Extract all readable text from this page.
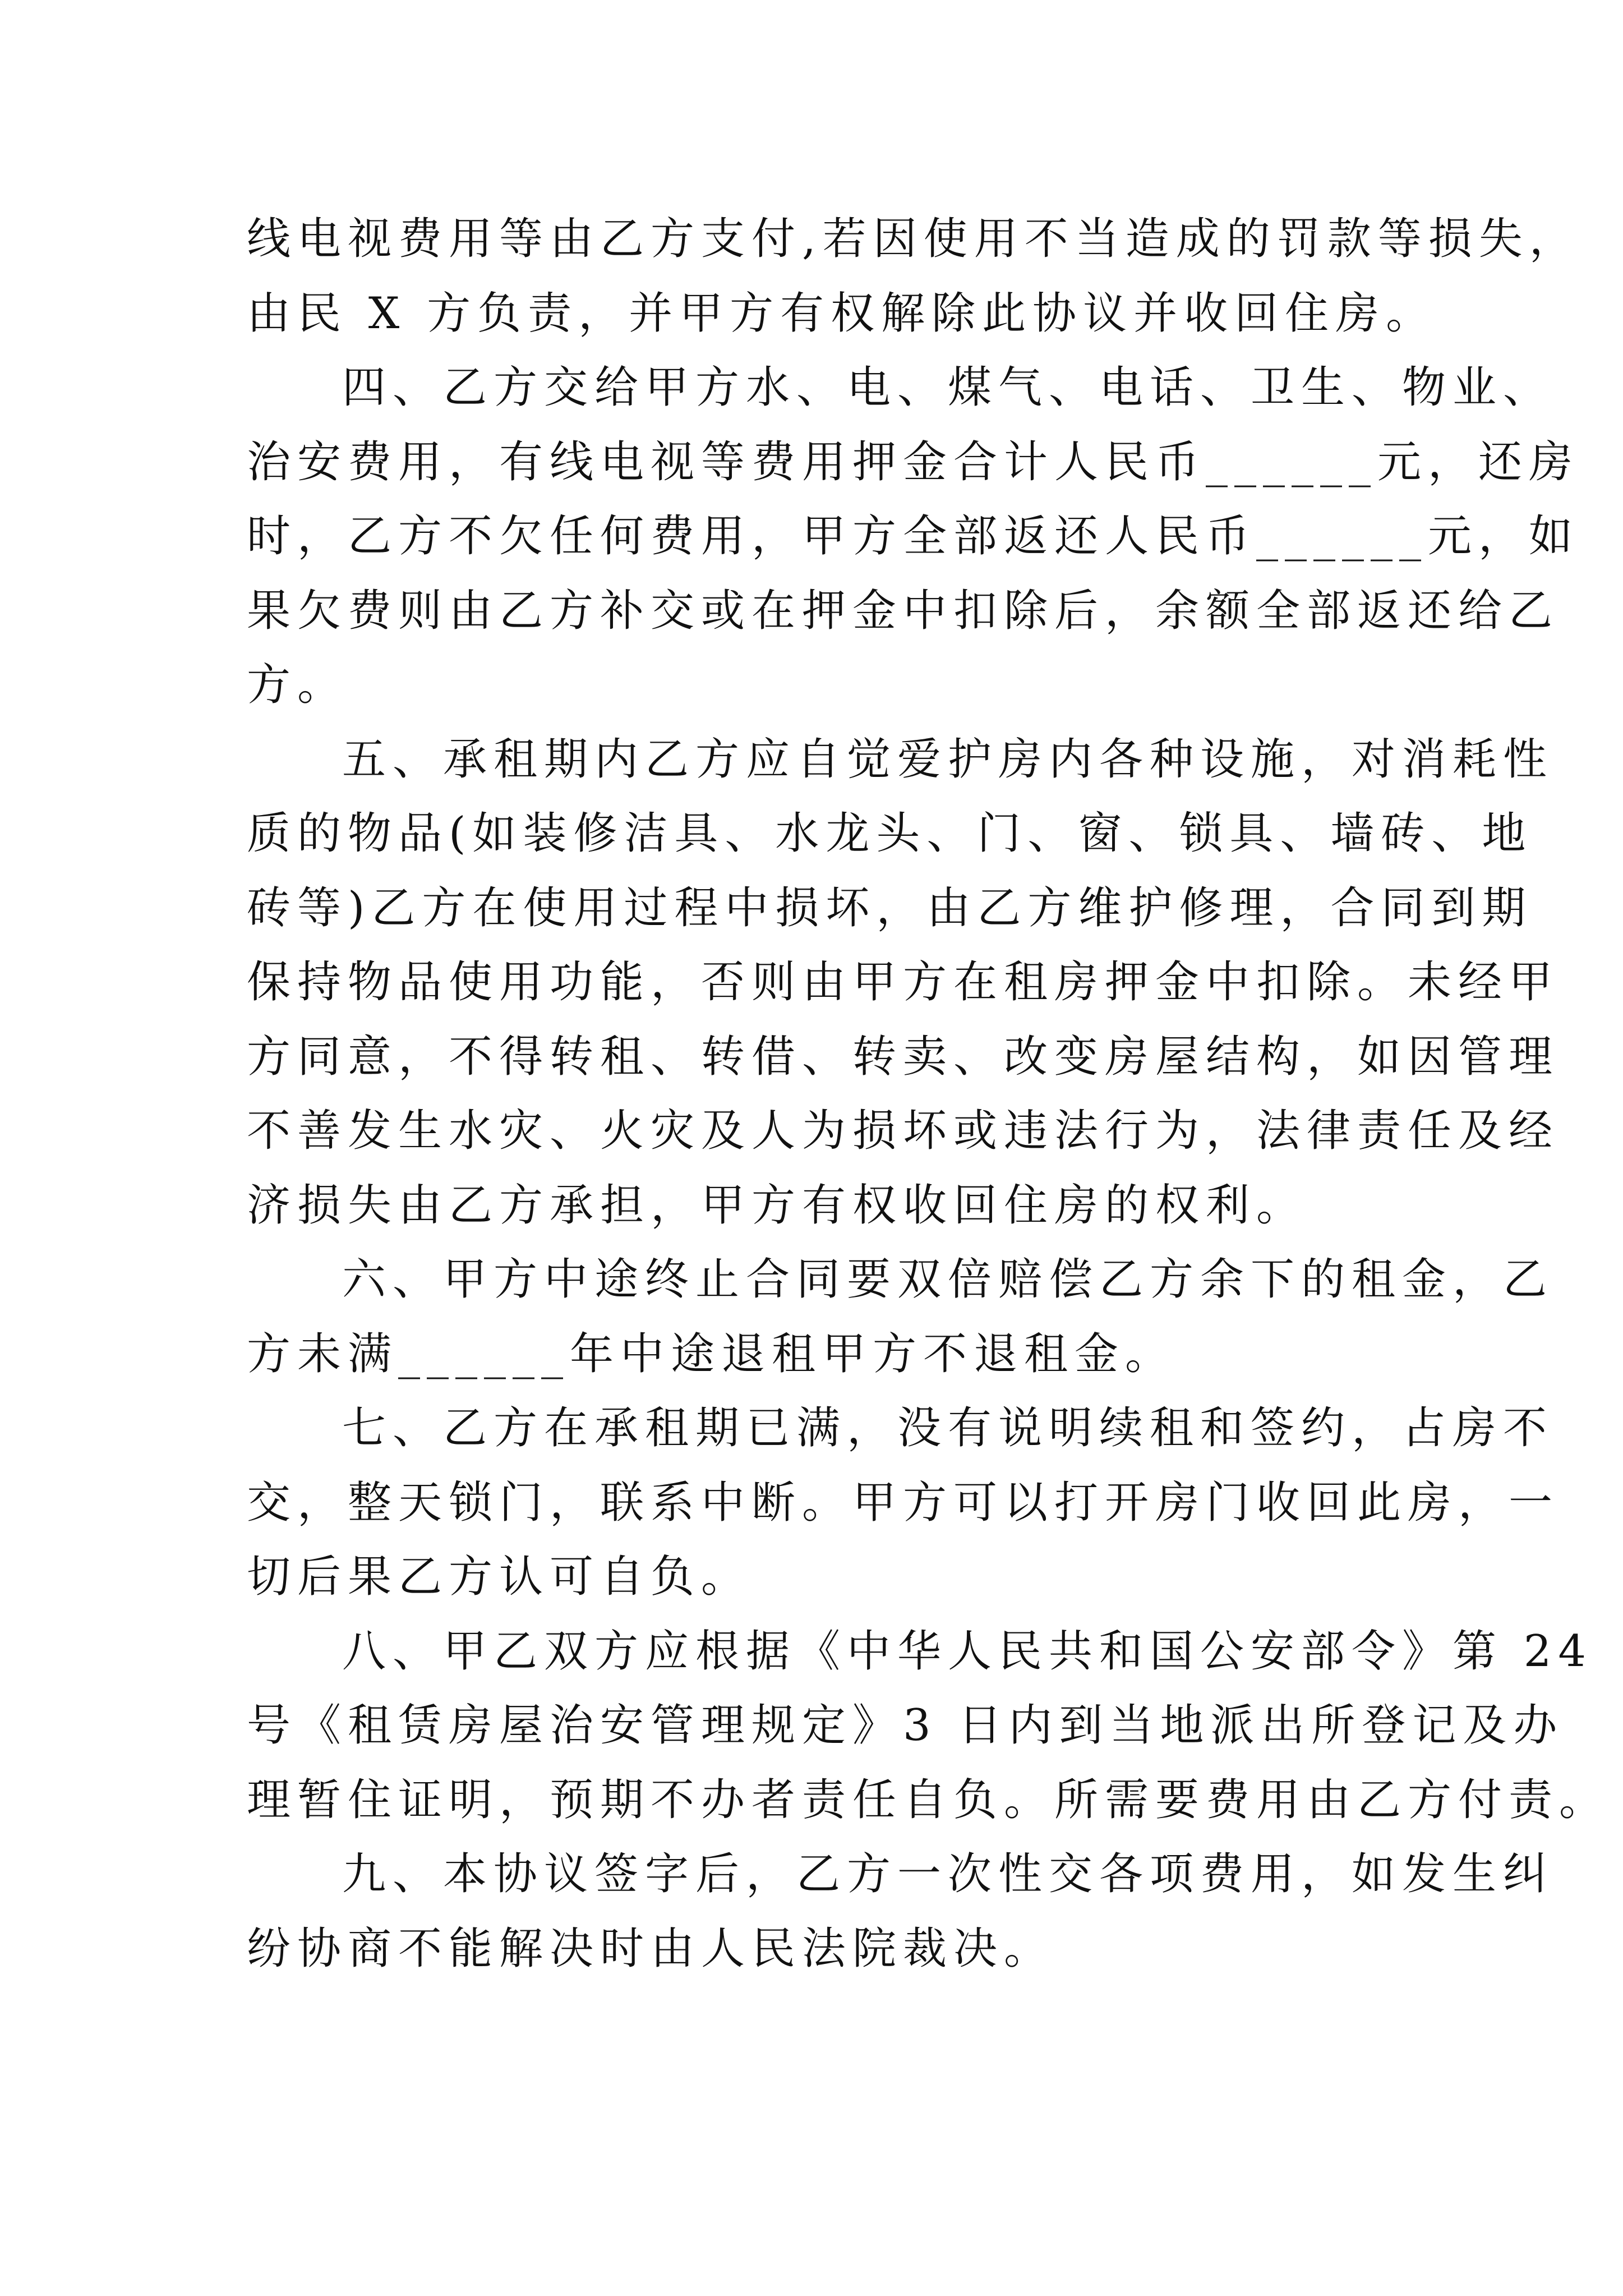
线电视费用等由乙方支付,若因使用不当造成的罚款等损失，
由民 X 方负责，并甲方有权解除此协议并收回住房。
四、乙方交给甲方水、电、煤气、电话、卫生、物业、
治安费用，有线电视等费用押金合计人民币______元，还房
时，乙方不欠任何费用，甲方全部返还人民币______元，如
果欠费则由乙方补交或在押金中扣除后，余额全部返还给乙
方。
五、承租期内乙方应自觉爱护房内各种设施，对消耗性
质的物品(如装修洁具、水龙头、门、窗、锁具、墙砖、地
砖等)乙方在使用过程中损坏，由乙方维护修理，合同到期
保持物品使用功能，否则由甲方在租房押金中扣除。未经甲
方同意，不得转租、转借、转卖、改变房屋结构，如因管理
不善发生水灾、火灾及人为损坏或违法行为，法律责任及经
济损失由乙方承担，甲方有权收回住房的权利。
六、甲方中途终止合同要双倍赔偿乙方余下的租金，乙
方未满______年中途退租甲方不退租金。
七、乙方在承租期已满，没有说明续租和签约，占房不
交，整天锁门，联系中断。甲方可以打开房门收回此房，一
切后果乙方认可自负。
八、甲乙双方应根据《中华人民共和国公安部令》第 24
号《租赁房屋治安管理规定》3 日内到当地派出所登记及办
理暂住证明，预期不办者责任自负。所需要费用由乙方付责。
九、本协议签字后，乙方一次性交各项费用，如发生纠
纷协商不能解决时由人民法院裁决。
